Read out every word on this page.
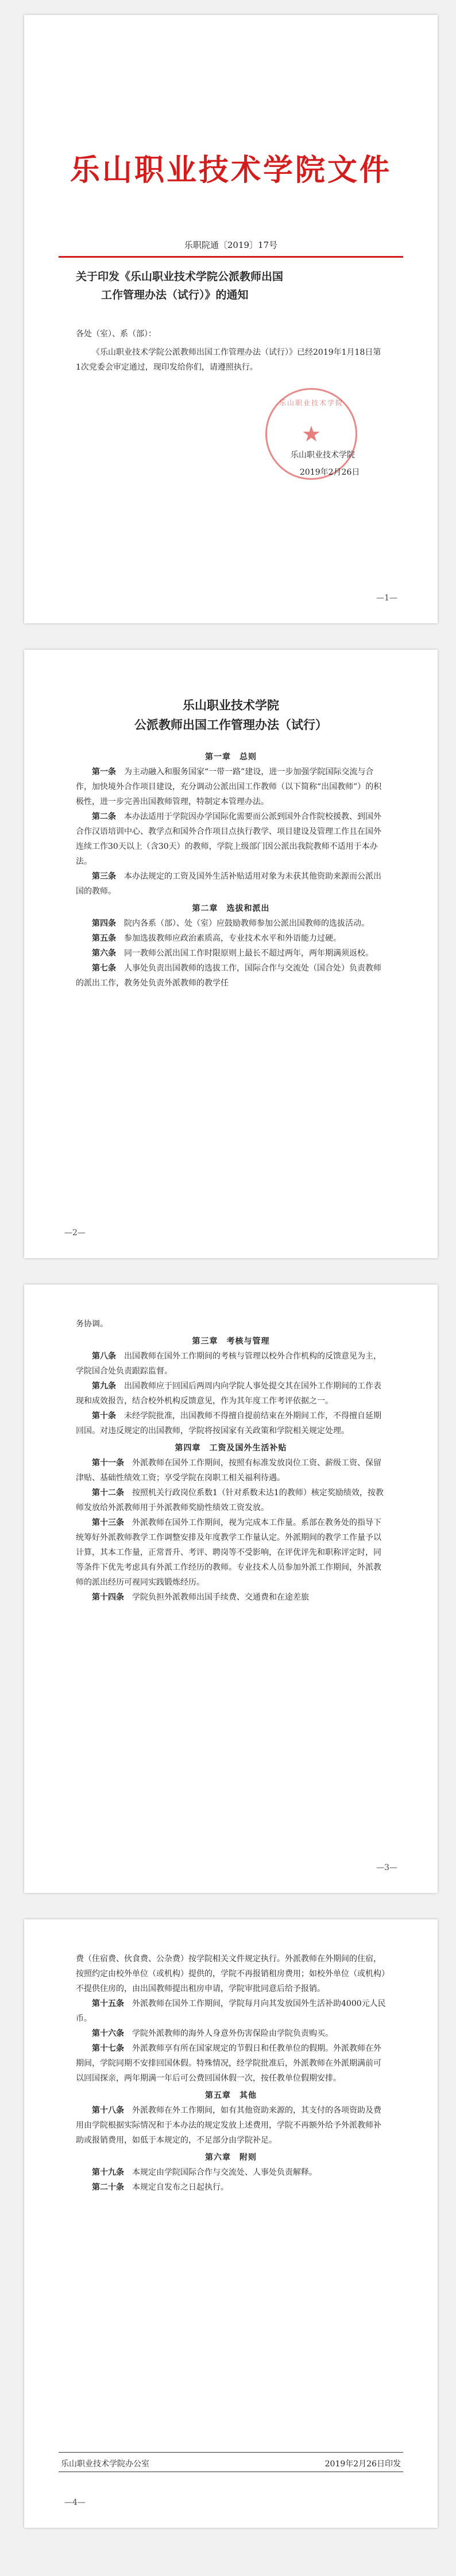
乐山职业技术学院文件
乐职院通〔2019〕17号
关于印发《乐山职业技术学院公派教师出国
工作管理办法（试行）》的通知
各处（室）、系（部）：

《乐山职业技术学院公派教师出国工作管理办法（试行）》已经2019年1月18日第1次党委会审定通过，现印发给你们，请遵照执行。

乐山职业技术学院
★
乐山职业技术学院
2019年2月26日
—1—
乐山职业技术学院
公派教师出国工作管理办法（试行）
第一章　总则

第一条　 为主动融入和服务国家“一带一路”建设，进一步加强学院国际交流与合作，加快境外合作项目建设，充分调动公派出国工作教师（以下简称“出国教师”）的积极性，进一步完善出国教师管理，特制定本管理办法。

第二条　 本办法适用于学院因办学国际化需要而公派到国外合作院校援教、到国外合作汉语培训中心、教学点和国外合作项目点执行教学、项目建设及管理工作且在国外连续工作30天以上（含30天）的教师，学院上级部门因公派出我院教师不适用于本办法。

第三条　 本办法规定的工资及国外生活补贴适用对象为未获其他资助来源而公派出国的教师。

第二章　选拔和派出

第四条　 院内各系（部）、处（室）应鼓励教师参加公派出国教师的选拔活动。

第五条　 参加选拔教师应政治素质高，专业技术水平和外语能力过硬。

第六条　 同一教师公派出国工作时限原则上最长不超过两年，两年期满须返校。

第七条　 人事处负责出国教师的选拔工作，国际合作与交流处（国合处）负责教师的派出工作，教务处负责外派教师的教学任

—2—

务协调。

第三章　考核与管理

第八条　 出国教师在国外工作期间的考核与管理以校外合作机构的反馈意见为主，学院国合处负责跟踪监督。

第九条　 出国教师应于回国后两周内向学院人事处提交其在国外工作期间的工作表现和成效报告，结合校外机构反馈意见，作为其年度工作考评依据之一。

第十条　 未经学院批准，出国教师不得擅自提前结束在外期间工作，不得擅自延期回国。对违反规定的出国教师，学院将按国家有关政策和学院相关规定处理。

第四章　工资及国外生活补贴

第十一条　 外派教师在国外工作期间，按照有标准发放岗位工资、薪级工资、保留津贴、基础性绩效工资；享受学院在岗职工相关福利待遇。

第十二条　 按照机关行政岗位系数1（针对系数未达1的教师）核定奖励绩效，按教师发放给外派教师用于外派教师奖励性绩效工资发放。

第十三条　 外派教师在国外工作期间，视为完成本工作量。系部在教务处的指导下统筹好外派教师教学工作调整安排及年度教学工作量认定。外派期间的教学工作量予以计算，其本工作量，正常晋升、考评、聘岗等不受影响，在评优评先和职称评定时，同等条件下优先考虑具有外派工作经历的教师。专业技术人员参加外派工作期间，外派教师的派出经历可视同实践锻炼经历。

第十四条　 学院负担外派教师出国手续费、交通费和在途差旅

—3—

费（住宿费、伙食费、公杂费）按学院相关文件规定执行。外派教师在外期间的住宿，按照约定由校外单位（或机构）提供的，学院不再报销租房费用；如校外单位（或机构）不提供住房的，由出国教师提出租房申请，学院审批同意后给予报销。

第十五条　 外派教师在国外工作期间，学院每月向其发放国外生活补助4000元人民币。

第十六条　 学院外派教师的海外人身意外伤害保险由学院负责购买。

第十七条　 外派教师享有所在国家规定的节假日和任教单位的假期。外派教师在外期间，学院同期不安排回国休假。特殊情况，经学院批准后，外派教师在外派期满前可以回国探亲，两年期满一年后可公费回国休假一次，按任教单位假期安排。

第五章　其他

第十八条　 外派教师在外工作期间，如有其他资助来源的，其支付的各项资助及费用由学院根据实际情况和于本办法的规定发放上述费用，学院不再额外给予外派教师补助或报销费用，如低于本规定的，不足部分由学院补足。

第六章　附则

第十九条　 本规定由学院国际合作与交流处、人事处负责解释。

第二十条　 本规定自发布之日起执行。

乐山职业技术学院办公室	2019年2月26日印发
—4—
